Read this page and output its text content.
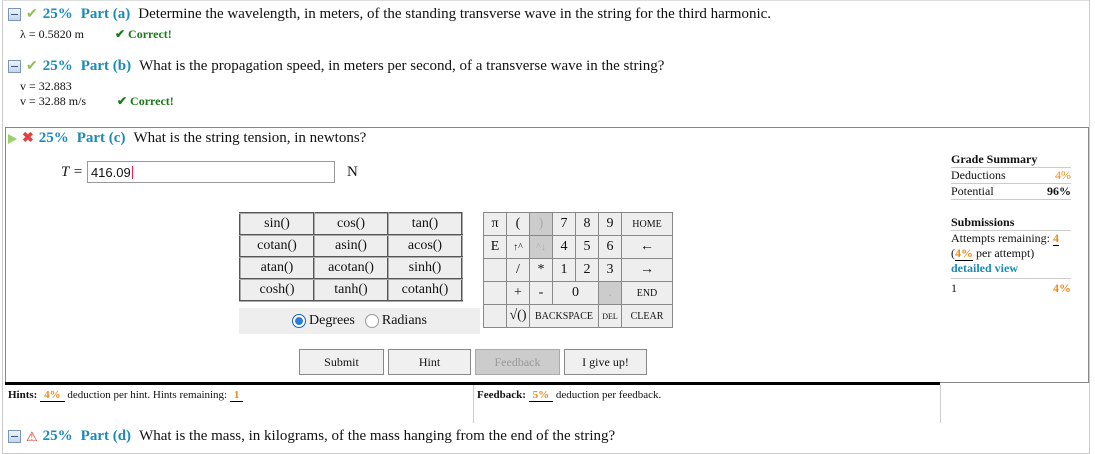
✔ 25% Part (a) Determine the wavelength, in meters, of the standing transverse wave in the string for the third harmonic.
λ = 0.5820 m	✔ Correct!
✔ 25% Part (b) What is the propagation speed, in meters per second, of a transverse wave in the string?
v = 32.883
v = 32.88 m/s	✔ Correct!
✖ 25% Part (c) What is the string tension, in newtons?
T = 416.09	N
sin()	cos()	tan()
cotan()	asin()	acos()
atan()	acotan()	sinh()
cosh()	tanh()	cotanh()
Degrees Radians
π	(	)	7	8	9	HOME
E	↑^	^↓	4	5	6	←
	/	*	1	2	3	→
	+	-	0		.	END
	√()	BACKSPACE			DEL	CLEAR
Submit	Hint	Feedback	I give up!
Hints: 4% deduction per hint. Hints remaining: 1	Feedback: 5% deduction per feedback.
Grade Summary
Deductions	4%
Potential	96%
Submissions
Attempts remaining: 4
(4% per attempt)
detailed view
1	4%
⚠ 25% Part (d) What is the mass, in kilograms, of the mass hanging from the end of the string?
